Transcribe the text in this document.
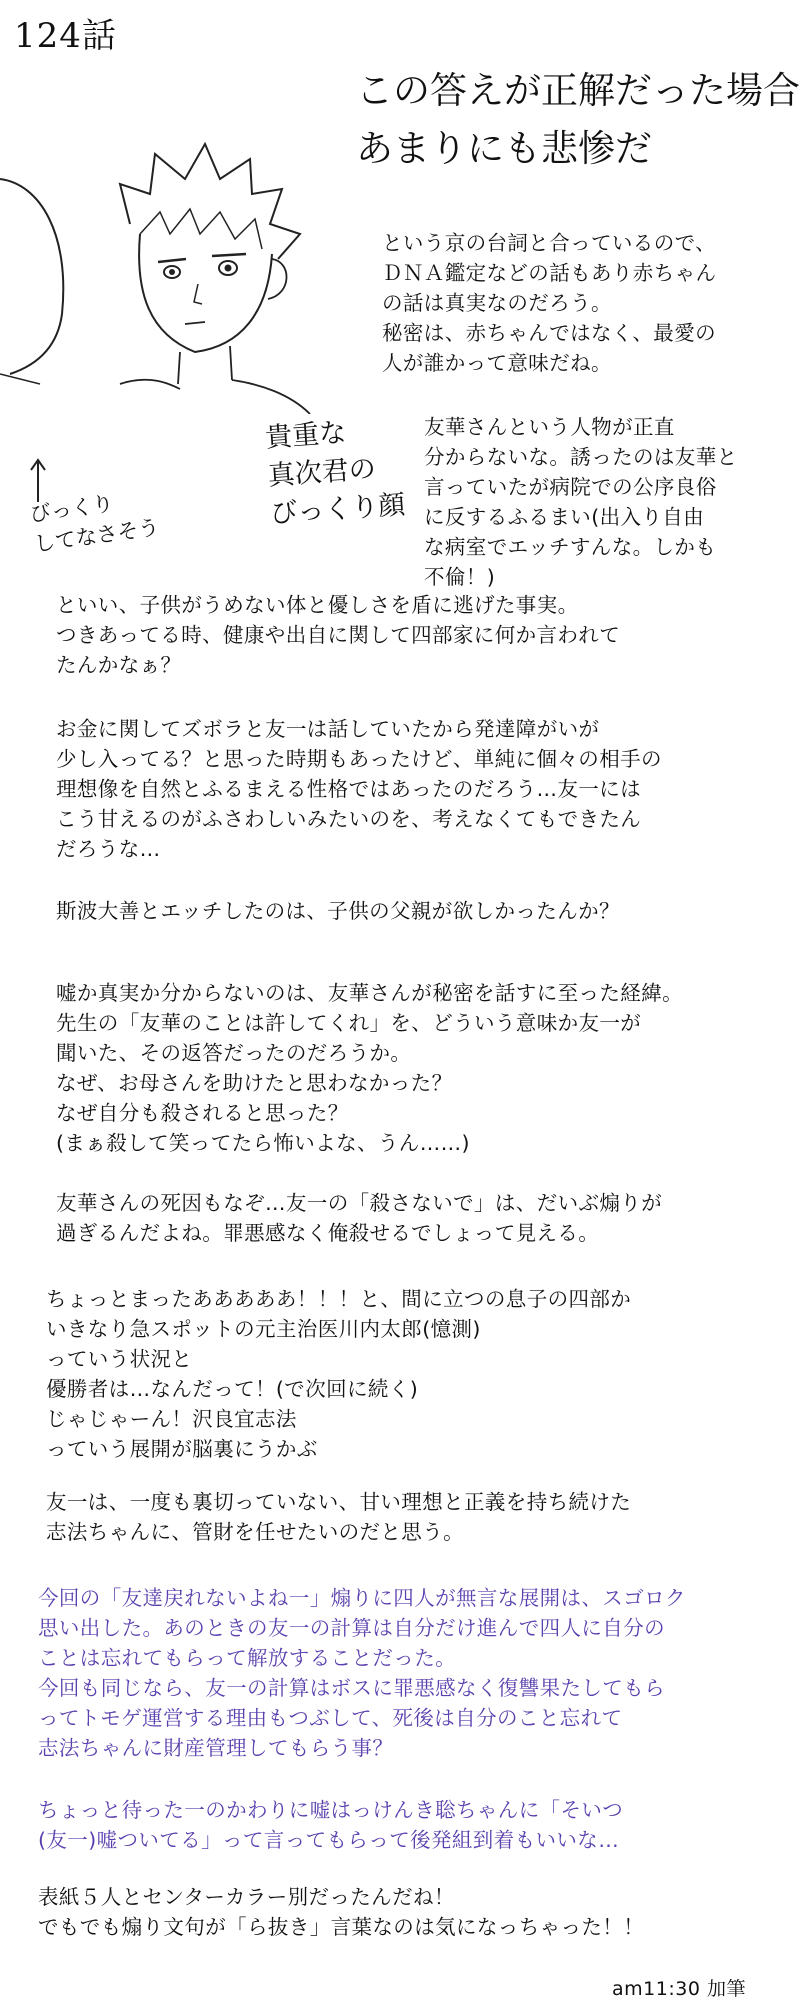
124話
この答えが正解だった場合
あまりにも悲惨だ
びっくり
してなさそう
貴重な
真次君の
びっくり顔
という京の台詞と合っているので、
ＤＮＡ鑑定などの話もあり赤ちゃん
の話は真実なのだろう。
秘密は、赤ちゃんではなく、最愛の
人が誰かって意味だね。
友華さんという人物が正直
分からないな。誘ったのは友華と
言っていたが病院での公序良俗
に反するふるまい(出入り自由
な病室でエッチすんな。しかも
不倫！)
といい、子供がうめない体と優しさを盾に逃げた事実。
つきあってる時、健康や出自に関して四部家に何か言われて
たんかなぁ？
お金に関してズボラと友一は話していたから発達障がいが
少し入ってる？と思った時期もあったけど、単純に個々の相手の
理想像を自然とふるまえる性格ではあったのだろう…友一には
こう甘えるのがふさわしいみたいのを、考えなくてもできたん
だろうな…
斯波大善とエッチしたのは、子供の父親が欲しかったんか？
嘘か真実か分からないのは、友華さんが秘密を話すに至った経緯。
先生の「友華のことは許してくれ」を、どういう意味か友一が
聞いた、その返答だったのだろうか。
なぜ、お母さんを助けたと思わなかった？
なぜ自分も殺されると思った？
(まぁ殺して笑ってたら怖いよな、うん……)
友華さんの死因もなぞ…友一の「殺さないで」は、だいぶ煽りが
過ぎるんだよね。罪悪感なく俺殺せるでしょって見える。
ちょっとまったあああああ！！！と、間に立つの息子の四部か
いきなり急スポットの元主治医川内太郎(憶測)
っていう状況と
優勝者は…なんだって！(で次回に続く)
じゃじゃーん！沢良宜志法
っていう展開が脳裏にうかぶ
友一は、一度も裏切っていない、甘い理想と正義を持ち続けた
志法ちゃんに、管財を任せたいのだと思う。
今回の「友達戻れないよね一」煽りに四人が無言な展開は、スゴロク
思い出した。あのときの友一の計算は自分だけ進んで四人に自分の
ことは忘れてもらって解放することだった。
今回も同じなら、友一の計算はボスに罪悪感なく復讐果たしてもら
ってトモゲ運営する理由もつぶして、死後は自分のこと忘れて
志法ちゃんに財産管理してもらう事？
ちょっと待った一のかわりに嘘はっけんき聡ちゃんに「そいつ
(友一)嘘ついてる」って言ってもらって後発組到着もいいな…
表紙５人とセンターカラー別だったんだね！
でもでも煽り文句が「ら抜き」言葉なのは気になっちゃった！！
am11:30 加筆
